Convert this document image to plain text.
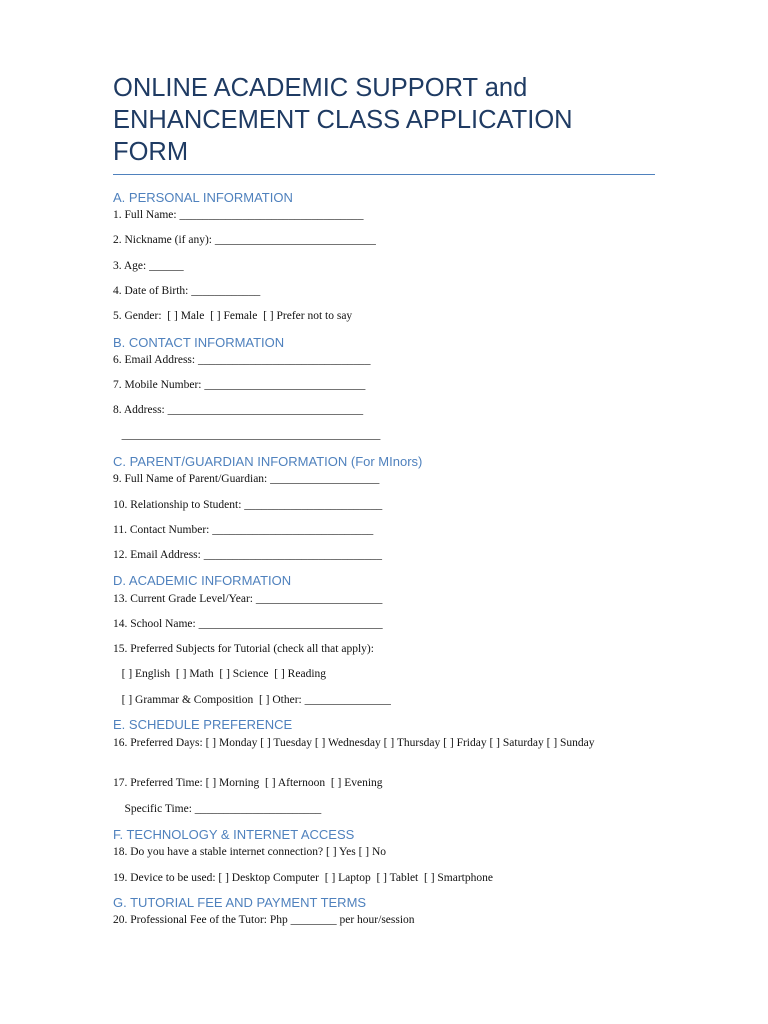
ONLINE ACADEMIC SUPPORT and
ENHANCEMENT CLASS APPLICATION
FORM
A. PERSONAL INFORMATION

1. Full Name: ________________________________

2. Nickname (if any): ____________________________

3. Age: ______

4. Date of Birth: ____________

5. Gender:  [ ] Male  [ ] Female  [ ] Prefer not to say

B. CONTACT INFORMATION

6. Email Address: ______________________________

7. Mobile Number: ____________________________

8. Address: __________________________________

_____________________________________________

C. PARENT/GUARDIAN INFORMATION (For MInors)

9. Full Name of Parent/Guardian: ___________________

10. Relationship to Student: ________________________

11. Contact Number: ____________________________

12. Email Address: _______________________________

D. ACADEMIC INFORMATION

13. Current Grade Level/Year: ______________________

14. School Name: ________________________________

15. Preferred Subjects for Tutorial (check all that apply):

[ ] English  [ ] Math  [ ] Science  [ ] Reading

[ ] Grammar & Composition  [ ] Other: _______________

E. SCHEDULE PREFERENCE

16. Preferred Days: [ ] Monday [ ] Tuesday [ ] Wednesday [ ] Thursday [ ] Friday [ ] Saturday [ ] Sunday

17. Preferred Time: [ ] Morning  [ ] Afternoon  [ ] Evening

Specific Time: ______________________

F. TECHNOLOGY & INTERNET ACCESS

18. Do you have a stable internet connection? [ ] Yes [ ] No

19. Device to be used: [ ] Desktop Computer  [ ] Laptop  [ ] Tablet  [ ] Smartphone

G. TUTORIAL FEE AND PAYMENT TERMS

20. Professional Fee of the Tutor: Php ________ per hour/session
